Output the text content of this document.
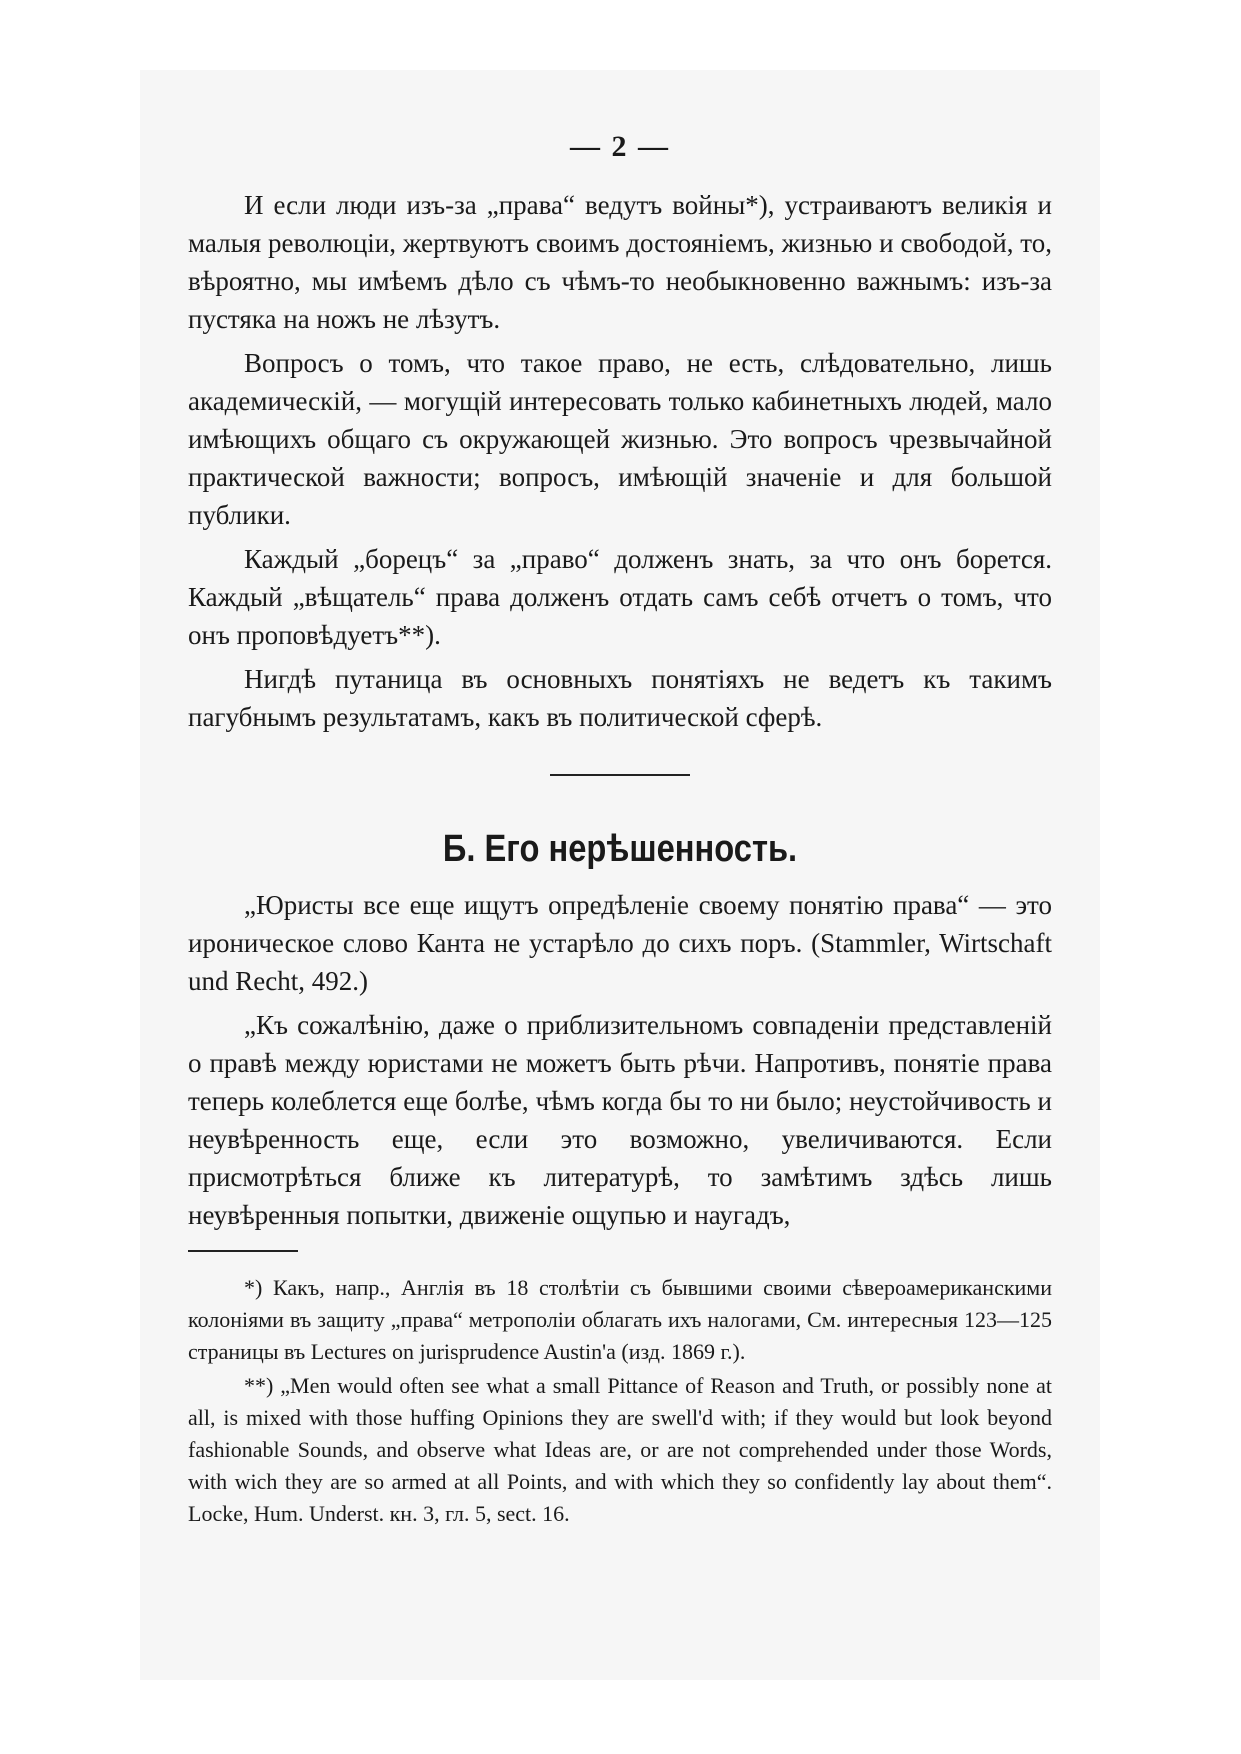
— 2 —

И если люди изъ-за „права“ ведутъ войны*), устраиваютъ великія и малыя революціи, жертвуютъ своимъ достояніемъ, жизнью и свободой, то, вѣроятно, мы имѣемъ дѣло съ чѣмъ-то необыкновенно важнымъ: изъ-за пустяка на ножъ не лѣзутъ.

Вопросъ о томъ, что такое право, не есть, слѣдовательно, лишь академическій, — могущій интересовать только кабинетныхъ людей, мало имѣющихъ общаго съ окружающей жизнью. Это вопросъ чрезвычайной практической важности; вопросъ, имѣющій значеніе и для большой публики.

Каждый „борецъ“ за „право“ долженъ знать, за что онъ борется. Каждый „вѣщатель“ права долженъ отдать самъ себѣ отчетъ о томъ, что онъ проповѣдуетъ**).

Нигдѣ путаница въ основныхъ понятіяхъ не ведетъ къ такимъ пагубнымъ результатамъ, какъ въ политической сферѣ.

Б. Его нерѣшенность.

„Юристы все еще ищутъ опредѣленіе своему понятію права“ — это ироническое слово Канта не устарѣло до сихъ поръ. (Stammler, Wirtschaft und Recht, 492.)

„Къ сожалѣнію, даже о приблизительномъ совпаденіи представленій о правѣ между юристами не можетъ быть рѣчи. Напротивъ, понятіе права теперь колеблется еще болѣе, чѣмъ когда бы то ни было; неустойчивость и неувѣренность еще, если это возможно, увеличиваются. Если присмотрѣться ближе къ литературѣ, то замѣтимъ здѣсь лишь неувѣренныя попытки, движеніе ощупью и наугадъ,

*) Какъ, напр., Англія въ 18 столѣтіи съ бывшими своими сѣвероамериканскими колоніями въ защиту „права“ метрополіи облагать ихъ налогами, См. интересныя 123—125 страницы въ Lectures on jurisprudence Austin'a (изд. 1869 г.).

**) „Men would often see what a small Pittance of Reason and Truth, or possibly none at all, is mixed with those huffing Opinions they are swell'd with; if they would but look beyond fashionable Sounds, and observe what Ideas are, or are not comprehended under those Words, with wich they are so armed at all Points, and with which they so confidently lay about them“. Locke, Hum. Underst. кн. 3, гл. 5, sect. 16.
